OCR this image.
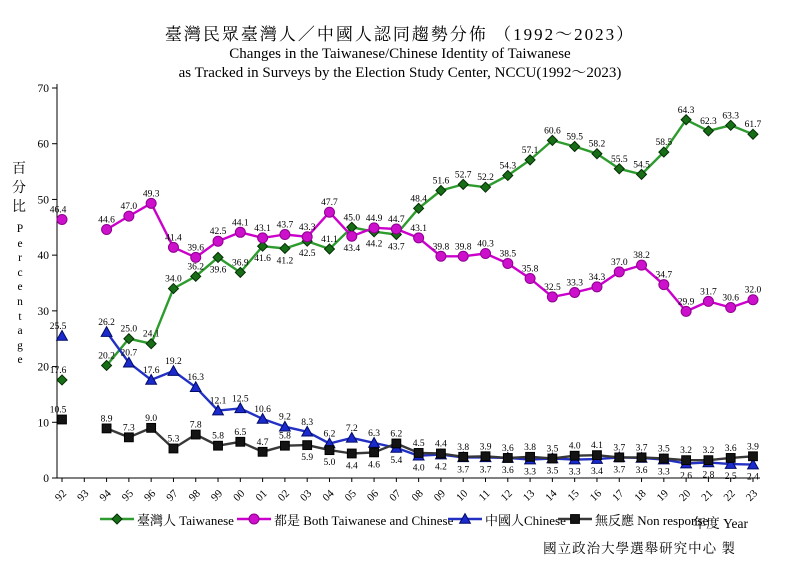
臺灣民眾臺灣人／中國人認同趨勢分佈 （1992～2023）
Changes in the Taiwanese/Chinese Identity of Taiwanese
as Tracked in Surveys by the Election Study Center, NCCU(1992～2023)
百
分
比
P
e
r
c
e
n
t
a
g
e
0
10
20
30
40
50
60
70
92 93 94 95 96 97 98 99 00 01 02 03 04 05 06 07 08 09 10 11 12 13 14 15 16 17 18 19 20 21 22 23
17.6
20.2
25.0
24.1
34.0
36.2 39.6
36.9 41.6 41.2
42.5
41.1
45.0
44.2 43.7
48.4
51.6
52.7 52.2
54.3
57.1
60.6
59.5
58.2
55.5
54.5
58.5
64.3
62.3
63.3
61.7
46.4
44.6
47.0
49.3
41.4
39.6
42.5
44.1
43.1 43.7 43.3
47.7
43.4
44.9 44.7
43.1
39.8 39.8 40.3
38.5
35.8
32.5 33.3
34.3
37.0
38.2
34.7
29.9
31.7
30.6
32.0
25.5	26.2
20.7
17.6
19.2
16.3
12.1 12.5
10.6
9.2
8.3
6.2
7.2
6.3
5.4
4.0 4.2 3.7 3.7 3.6 3.3 3.5 3.3 3.4 3.7 3.6 3.3 2.6 2.8 2.5 2.4
10.5
8.9
7.3
9.0
5.3
7.8
5.8 6.5
4.7
5.8
5.9
5.0 4.4 4.6
6.2
4.5 4.4 3.8 3.9 3.6 3.8 3.5 4.0 4.1 3.7 3.7 3.5 3.2 3.2 3.6 3.9
臺灣人 Taiwanese	都是 Both Taiwanese and Chinese 中國人Chinese 無反應 Non response
年度 Year
國立政治大學選舉研究中心 製
